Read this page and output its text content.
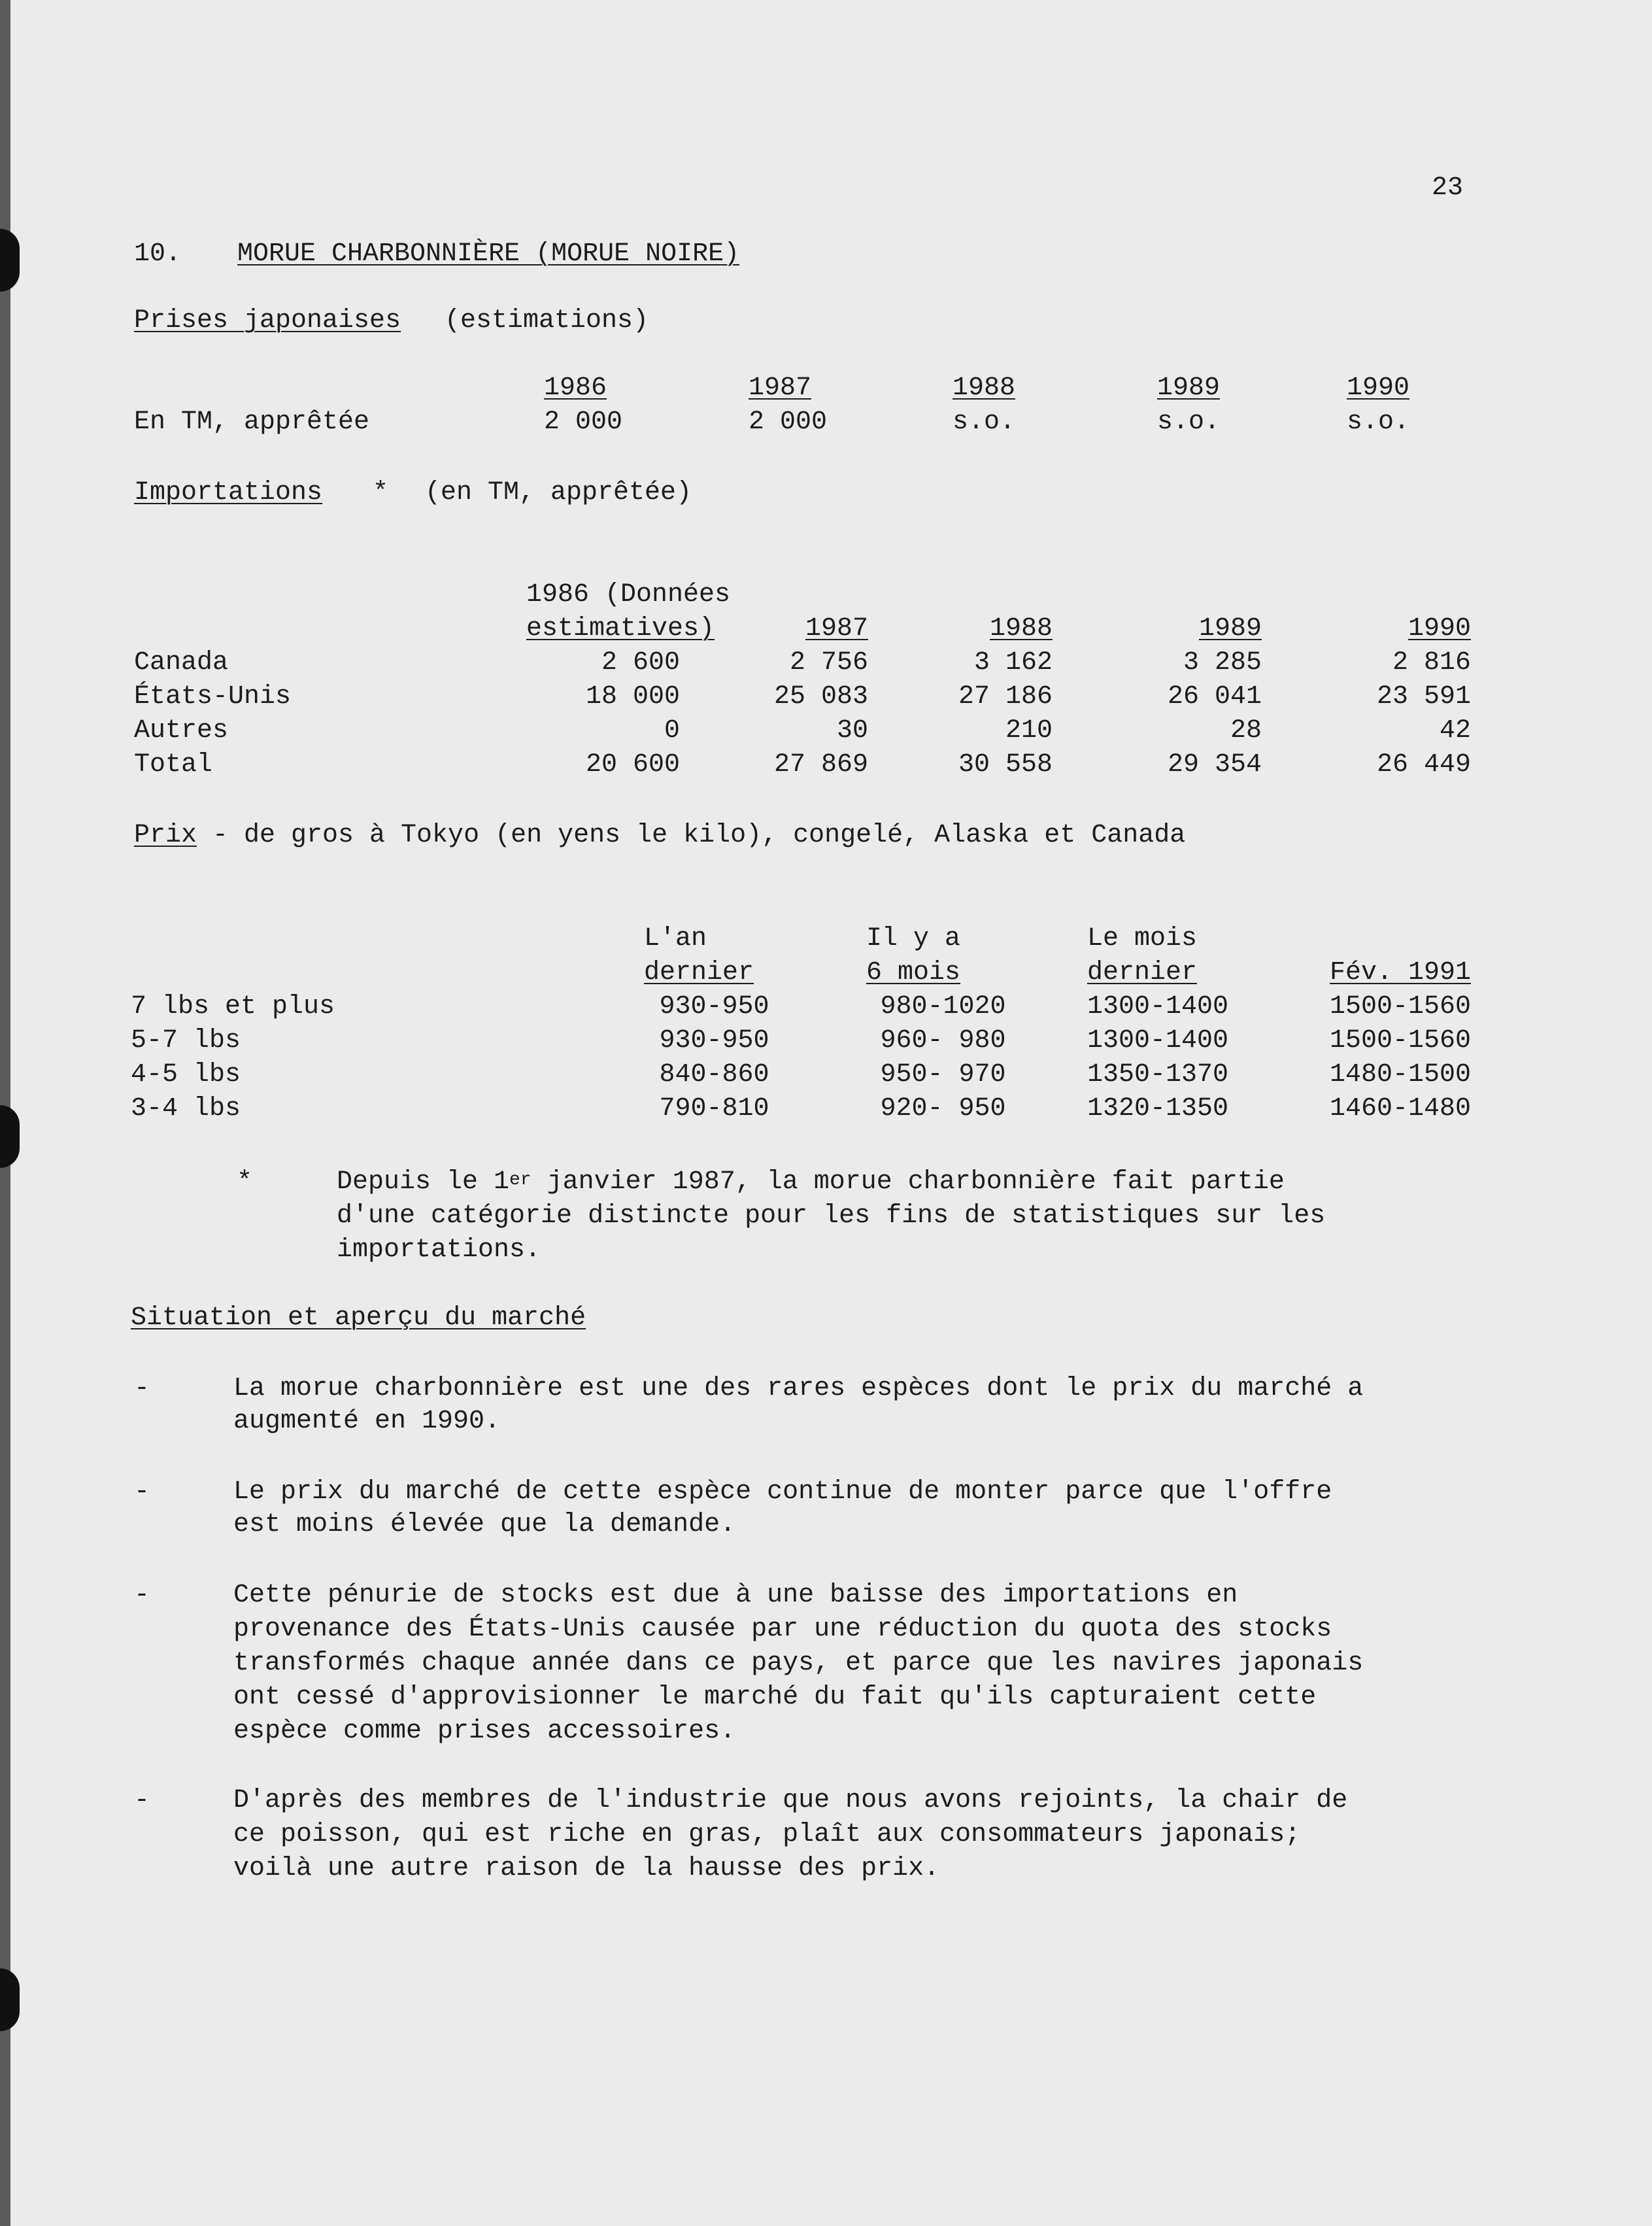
23
10. MORUE CHARBONNIÈRE (MORUE NOIRE)
Prises japonaises (estimations)
1986	1987	1988	1989	1990
En TM, apprêtée	2 000	2 000	s.o.	s.o.	s.o.
Importations * (en TM, apprêtée)
1986 (Données
estimatives)	1987	1988	1989	1990
Canada	2 600	2 756	3 162	3 285	2 816
États-Unis	18 000	25 083	27 186	26 041	23 591
Autres	0	30	210	28	42
Total	20 600	27 869	30 558	29 354	26 449
Prix - de gros à Tokyo (en yens le kilo), congelé, Alaska et Canada
L'an	Il y a	Le mois
dernier	6 mois	dernier	Fév. 1991
7 lbs et plus	930-950	980-1020	1300-1400	1500-1560
5-7 lbs	930-950	960- 980	1300-1400	1500-1560
4-5 lbs	840-860	950- 970	1350-1370	1480-1500
3-4 lbs	790-810	920- 950	1320-1350	1460-1480
*	Depuis le 1er janvier 1987, la morue charbonnière fait partie
d'une catégorie distincte pour les fins de statistiques sur les
importations.
Situation et aperçu du marché
-	La morue charbonnière est une des rares espèces dont le prix du marché a
augmenté en 1990.
-	Le prix du marché de cette espèce continue de monter parce que l'offre
est moins élevée que la demande.
-	Cette pénurie de stocks est due à une baisse des importations en
provenance des États-Unis causée par une réduction du quota des stocks
transformés chaque année dans ce pays, et parce que les navires japonais
ont cessé d'approvisionner le marché du fait qu'ils capturaient cette
espèce comme prises accessoires.
-	D'après des membres de l'industrie que nous avons rejoints, la chair de
ce poisson, qui est riche en gras, plaît aux consommateurs japonais;
voilà une autre raison de la hausse des prix.
